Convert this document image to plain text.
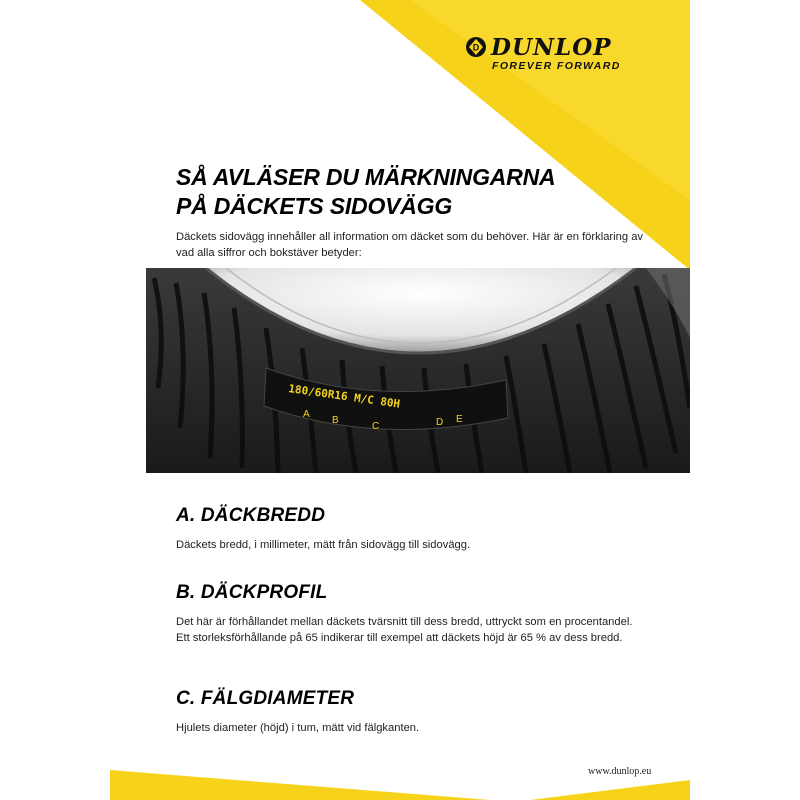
D DUNLOP
FOREVER FORWARD
SÅ AVLÄSER DU MÄRKNINGARNA
PÅ DÄCKETS SIDOVÄGG

Däckets sidovägg innehåller all information om däcket som du behöver. Här är en förklaring av vad alla siffror och bokstäver betyder:

180/60R16 M/C 80H
A
B
C	D E
A. DÄCKBREDD

Däckets bredd, i millimeter, mätt från sidovägg till sidovägg.

B. DÄCKPROFIL

Det här är förhållandet mellan däckets tvärsnitt till dess bredd, uttryckt som en procentandel. Ett storleksförhållande på 65 indikerar till exempel att däckets höjd är 65 % av dess bredd.

C. FÄLGDIAMETER

Hjulets diameter (höjd) i tum, mätt vid fälgkanten.

www.dunlop.eu
